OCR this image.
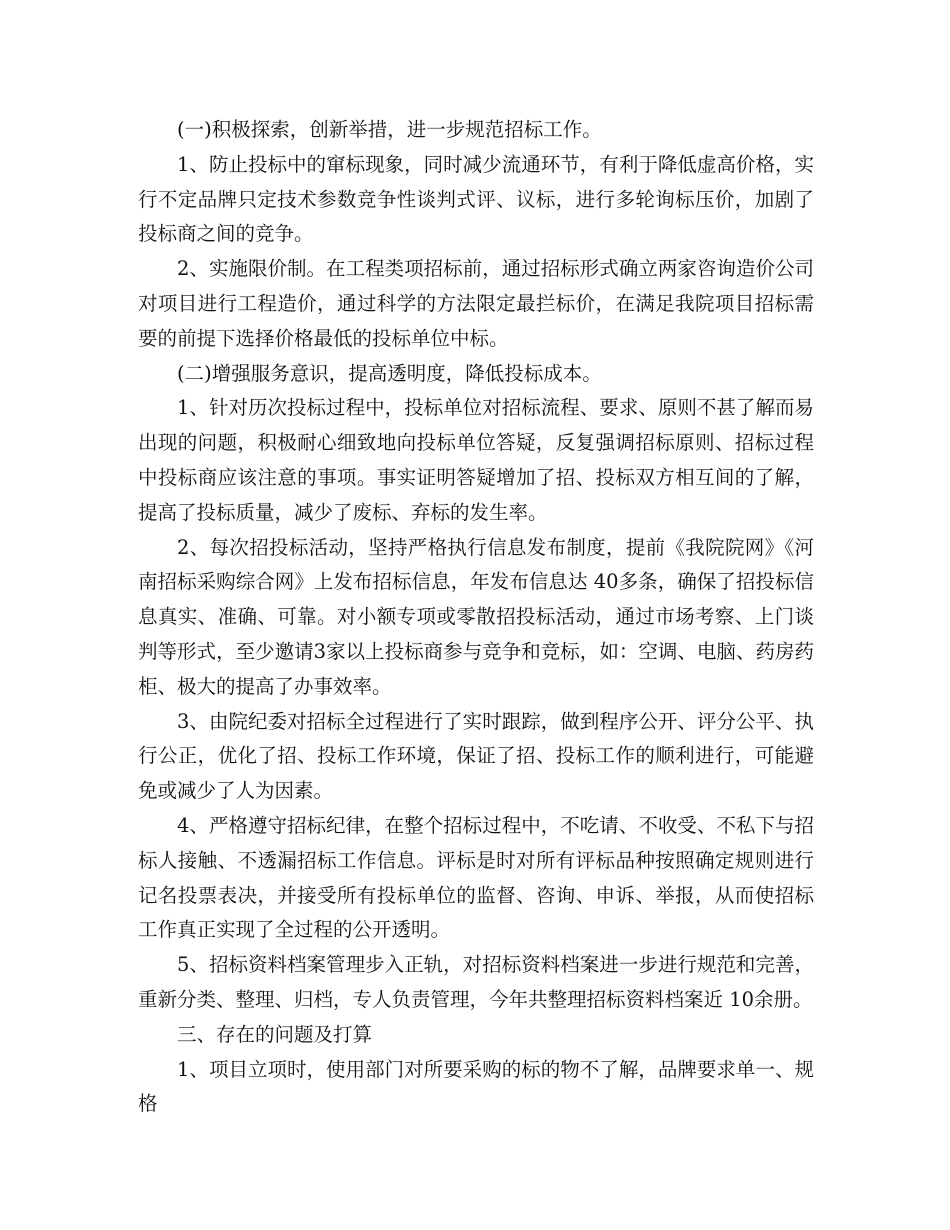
(一)积极探索，创新举措，进一步规范招标工作。

1、防止投标中的窜标现象，同时减少流通环节，有利于降低虚高价格，实行不定品牌只定技术参数竞争性谈判式评、议标，进行多轮询标压价，加剧了投标商之间的竞争。

2、实施限价制。在工程类项招标前，通过招标形式确立两家咨询造价公司对项目进行工程造价，通过科学的方法限定最拦标价，在满足我院项目招标需要的前提下选择价格最低的投标单位中标。

(二)增强服务意识，提高透明度，降低投标成本。

1、针对历次投标过程中，投标单位对招标流程、要求、原则不甚了解而易出现的问题，积极耐心细致地向投标单位答疑，反复强调招标原则、招标过程中投标商应该注意的事项。事实证明答疑增加了招、投标双方相互间的了解，提高了投标质量，减少了废标、弃标的发生率。

2、每次招投标活动，坚持严格执行信息发布制度，提前《我院院网》《河南招标采购综合网》上发布招标信息，年发布信息达 40多条，确保了招投标信息真实、准确、可靠。对小额专项或零散招投标活动，通过市场考察、上门谈判等形式，至少邀请3家以上投标商参与竞争和竞标，如：空调、电脑、药房药柜、极大的提高了办事效率。

3、由院纪委对招标全过程进行了实时跟踪，做到程序公开、评分公平、执行公正，优化了招、投标工作环境，保证了招、投标工作的顺利进行，可能避免或减少了人为因素。

4、严格遵守招标纪律，在整个招标过程中，不吃请、不收受、不私下与招标人接触、不透漏招标工作信息。评标是时对所有评标品种按照确定规则进行记名投票表决，并接受所有投标单位的监督、咨询、申诉、举报，从而使招标工作真正实现了全过程的公开透明。

5、招标资料档案管理步入正轨，对招标资料档案进一步进行规范和完善，重新分类、整理、归档，专人负责管理，今年共整理招标资料档案近 10余册。

三、存在的问题及打算

1、项目立项时，使用部门对所要采购的标的物不了解，品牌要求单一、规格
